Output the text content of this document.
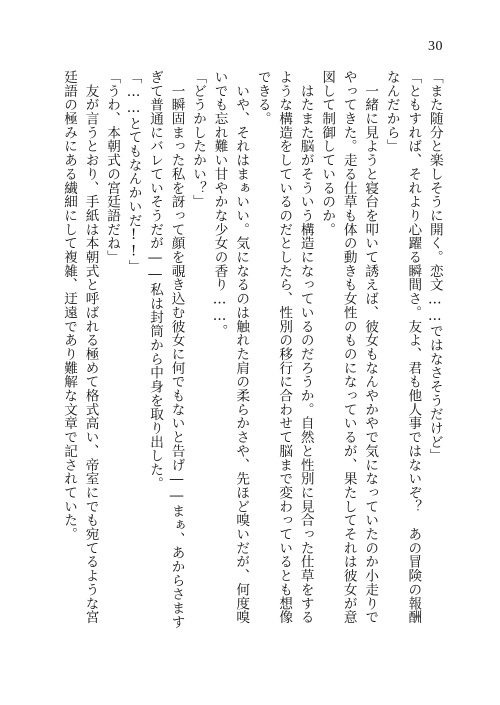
30
「また随分と楽しそうに開く。恋文……ではなさそうだけど」
「ともすれば、それより心躍る瞬間さ。友よ、君も他人事ではないぞ？　あの冒険の報酬
なんだから」
　一緒に見ようと寝台を叩いて誘えば、彼女もなんやかやで気になっていたのか小走りで
やってきた。走る仕草も体の動きも女性のものになっているが、果たしてそれは彼女が意
図して制御しているのか。
　はたまた脳がそういう構造になっているのだろうか。自然と性別に見合った仕草をする
ような構造をしているのだとしたら、性別の移行に合わせて脳まで変わっているとも想像
できる。
　いや、それはまぁいい。気になるのは触れた肩の柔らかさや、先ほど嗅いだが、何度嗅
いでも忘れ難い甘やかな少女の香り……。
「どうかしたかい？」
　一瞬固まった私を訝って顔を覗き込む彼女に何でもないと告げ――まぁ、あからさます
ぎて普通にバレていそうだが――私は封筒から中身を取り出した。
「……とてもなんかいだ!!」
「うわ、本朝式の宮廷語だね」
　友が言うとおり、手紙は本朝式と呼ばれる極めて格式高い、帝室にでも宛てるような宮
廷語の極みにある繊細にして複雑、迂遠であり難解な文章で記されていた。
